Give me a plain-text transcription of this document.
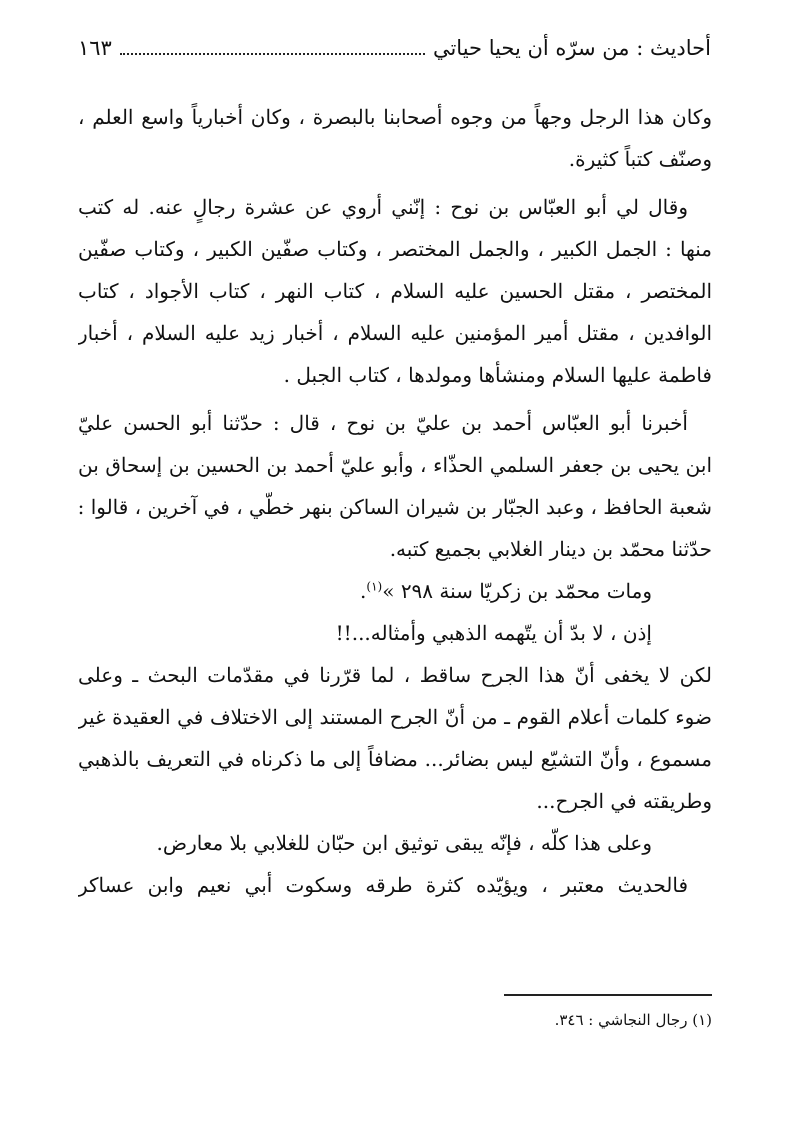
أحاديث : من سرّه أن يحيا حياتي
١٦٣
وكان هذا الرجل وجهاً من وجوه أصحابنا بالبصرة ، وكان أخبارياً واسع العلم ،
وصنّف كتباً كثيرة.
وقال لي أبو العبّاس بن نوح : إنّني أروي عن عشرة رجالٍ عنه. له كتب
منها : الجمل الكبير ، والجمل المختصر ، وكتاب صفّين الكبير ، وكتاب صفّين
المختصر ، مقتل الحسين عليه السلام ، كتاب النهر ، كتاب الأجواد ، كتاب
الوافدين ، مقتل أمير المؤمنين عليه السلام ، أخبار زيد عليه السلام ، أخبار
فاطمة عليها السلام ومنشأها ومولدها ، كتاب الجبل .
أخبرنا أبو العبّاس أحمد بن عليّ بن نوح ، قال : حدّثنا أبو الحسن عليّ
ابن يحيى بن جعفر السلمي الحذّاء ، وأبو عليّ أحمد بن الحسين بن إسحاق بن
شعبة الحافظ ، وعبد الجبّار بن شيران الساكن بنهر خطّي ، في آخرين ، قالوا :
حدّثنا محمّد بن دينار الغلابي بجميع كتبه.
ومات محمّد بن زكريّا سنة ٢٩٨ »$^{(١)}$.
إذن ، لا بدّ أن يتّهمه الذهبي وأمثاله...!!
لكن لا يخفى أنّ هذا الجرح ساقط ، لما قرّرنا في مقدّمات البحث ـ وعلى
ضوء كلمات أعلام القوم ـ من أنّ الجرح المستند إلى الاختلاف في العقيدة غير
مسموع ، وأنّ التشيّع ليس بضائر... مضافاً إلى ما ذكرناه في التعريف بالذهبي
وطريقته في الجرح...
وعلى هذا كلّه ، فإنّه يبقى توثيق ابن حبّان للغلابي بلا معارض.
فالحديث معتبر ، ويؤيّده كثرة طرقه وسكوت أبي نعيم وابن عساكر
(١) رجال النجاشي : ٣٤٦.
